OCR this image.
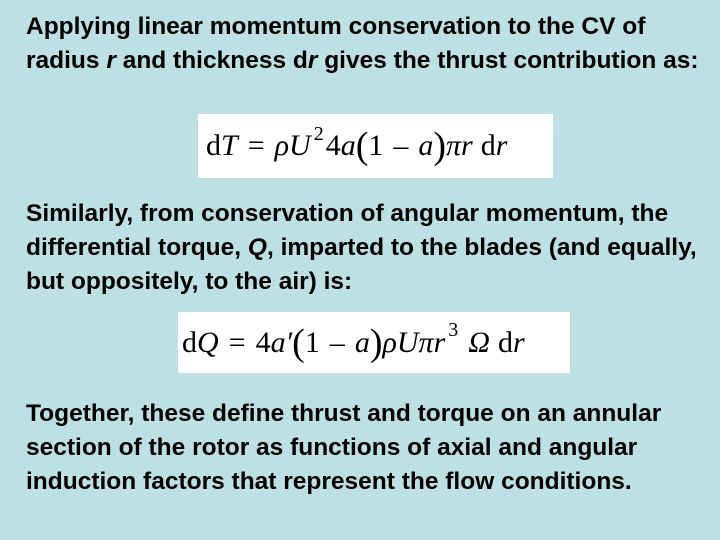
Applying linear momentum conservation to the CV of radius r and thickness dr gives the thrust contribution as:

d T = ρ U 2 4 a ( 1 – a ) π r d r

Similarly, from conservation of angular momentum, the differential torque, Q, imparted to the blades (and equally, but oppositely, to the air) is:

d Q = 4 a′ ( 1 – a ) ρ U π r 3 Ω d r

Together, these define thrust and torque on an annular section of the rotor as functions of axial and angular induction factors that represent the flow conditions.
